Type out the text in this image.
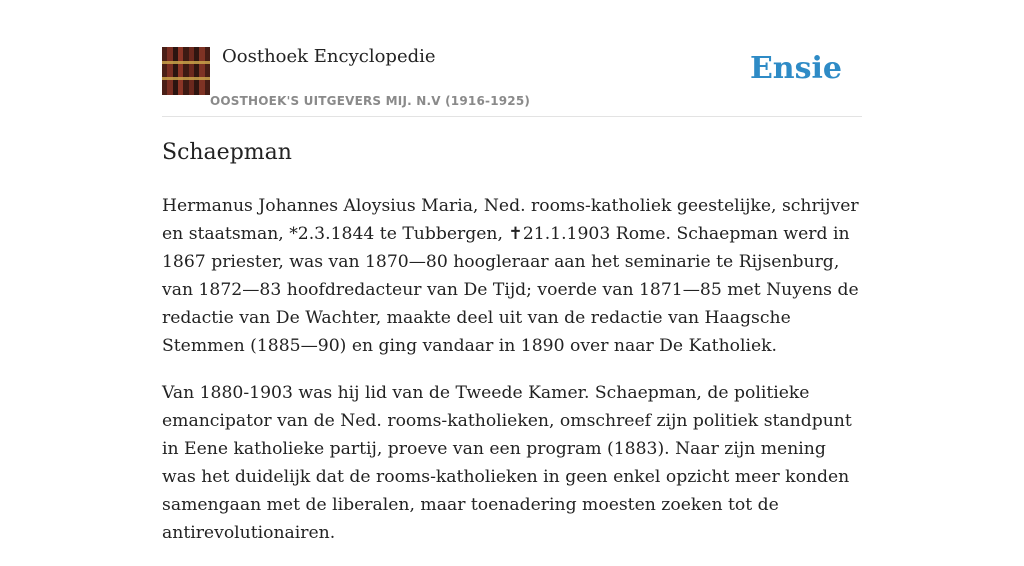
Oosthoek Encyclopedie
OOSTHOEK'S UITGEVERS MIJ. N.V (1916-1925)
Ensie
Schaepman

Hermanus Johannes Aloysius Maria, Ned. rooms-katholiek geestelijke, schrijver en staatsman, *2.3.1844 te Tubbergen, ✝21.1.1903 Rome. Schaepman werd in 1867 priester, was van 1870—80 hoogleraar aan het seminarie te Rijsenburg, van 1872—83 hoofdredacteur van De Tijd; voerde van 1871—85 met Nuyens de redactie van De Wachter, maakte deel uit van de redactie van Haagsche Stemmen (1885—90) en ging vandaar in 1890 over naar De Katholiek.

Van 1880-1903 was hij lid van de Tweede Kamer. Schaepman, de politieke emancipator van de Ned. rooms-katholieken, omschreef zijn politiek standpunt in Eene katholieke partij, proeve van een program (1883). Naar zijn mening was het duidelijk dat de rooms-katholieken in geen enkel opzicht meer konden samengaan met de liberalen, maar toenadering moesten zoeken tot de antirevolutionairen.
